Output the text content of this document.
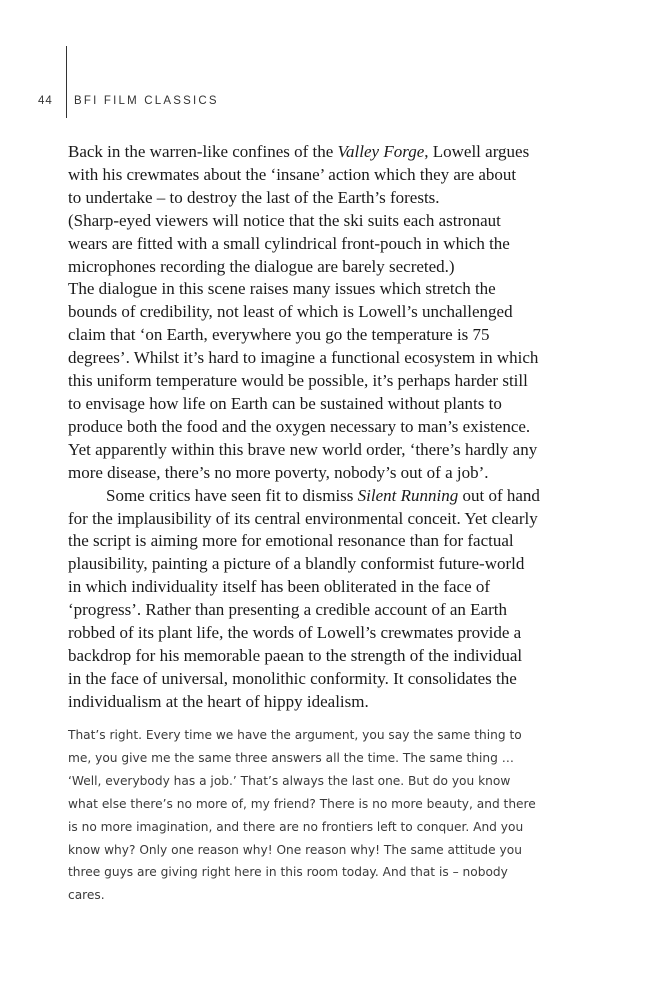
44 BFI FILM CLASSICS
Back in the warren-like confines of the Valley Forge, Lowell argues
with his crewmates about the ‘insane’ action which they are about
to undertake – to destroy the last of the Earth’s forests.
(Sharp-eyed viewers will notice that the ski suits each astronaut
wears are fitted with a small cylindrical front-pouch in which the
microphones recording the dialogue are barely secreted.)
The dialogue in this scene raises many issues which stretch the
bounds of credibility, not least of which is Lowell’s unchallenged
claim that ‘on Earth, everywhere you go the temperature is 75
degrees’. Whilst it’s hard to imagine a functional ecosystem in which
this uniform temperature would be possible, it’s perhaps harder still
to envisage how life on Earth can be sustained without plants to
produce both the food and the oxygen necessary to man’s existence.
Yet apparently within this brave new world order, ‘there’s hardly any
more disease, there’s no more poverty, nobody’s out of a job’.
Some critics have seen fit to dismiss Silent Running out of hand
for the implausibility of its central environmental conceit. Yet clearly
the script is aiming more for emotional resonance than for factual
plausibility, painting a picture of a blandly conformist future-world
in which individuality itself has been obliterated in the face of
‘progress’. Rather than presenting a credible account of an Earth
robbed of its plant life, the words of Lowell’s crewmates provide a
backdrop for his memorable paean to the strength of the individual
in the face of universal, monolithic conformity. It consolidates the
individualism at the heart of hippy idealism.
That’s right. Every time we have the argument, you say the same thing to
me, you give me the same three answers all the time. The same thing …
‘Well, everybody has a job.’ That’s always the last one. But do you know
what else there’s no more of, my friend? There is no more beauty, and there
is no more imagination, and there are no frontiers left to conquer. And you
know why? Only one reason why! One reason why! The same attitude you
three guys are giving right here in this room today. And that is – nobody
cares.
